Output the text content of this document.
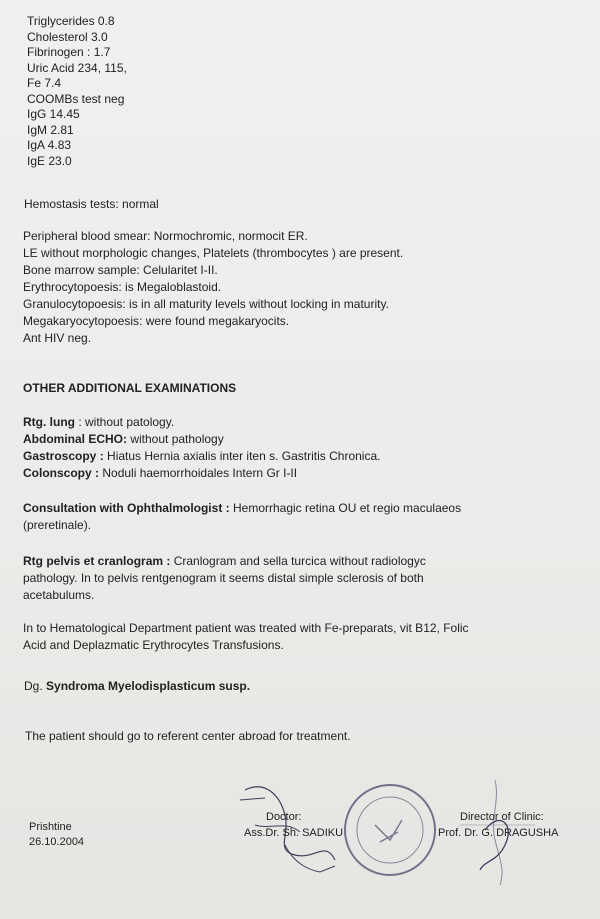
Triglycerides 0.8
Cholesterol 3.0
Fibrinogen : 1.7
Uric Acid 234, 115,
Fe 7.4
COOMBs test neg
IgG 14.45
IgM 2.81
IgA 4.83
IgE 23.0
Hemostasis tests: normal
Peripheral blood smear: Normochromic, normocit ER.
LE without morphologic changes, Platelets (thrombocytes ) are present.
Bone marrow sample: Celularitet I-II.
Erythrocytopoesis: is Megaloblastoid.
Granulocytopoesis: is in all maturity levels without locking in maturity.
Megakaryocytopoesis: were found megakaryocits.
Ant HIV neg.
OTHER ADDITIONAL EXAMINATIONS
Rtg. lung : without patology.
Abdominal ECHO: without pathology
Gastroscopy : Hiatus Hernia axialis inter iten s. Gastritis Chronica.
Colonscopy : Noduli haemorrhoidales Intern Gr I-II
Consultation with Ophthalmologist : Hemorrhagic retina OU et regio maculaeos
(preretinale).
Rtg pelvis et cranlogram : Cranlogram and sella turcica without radiologyc
pathology. In to pelvis rentgenogram it seems distal simple sclerosis of both
acetabulums.
In to Hematological Department patient was treated with Fe-preparats, vit B12, Folic
Acid and Deplazmatic Erythrocytes Transfusions.
Dg. Syndroma Myelodisplasticum susp.
The patient should go to referent center abroad for treatment.
Prishtine
26.10.2004
Doctor:
Ass.Dr. Sh. SADIKU
Director of Clinic:
Prof. Dr. G. DRAGUSHA
